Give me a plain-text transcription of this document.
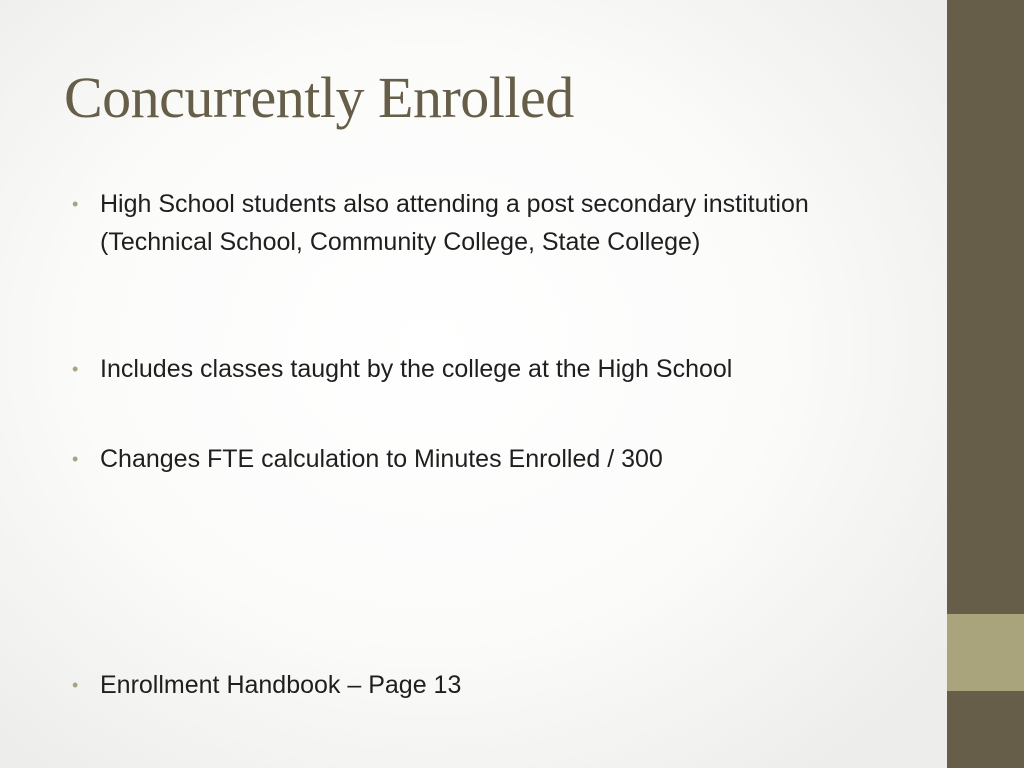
Concurrently Enrolled
• High School students also attending a post secondary institution (Technical School, Community College, State College)
• Includes classes taught by the college at the High School
• Changes FTE calculation to Minutes Enrolled / 300
• Enrollment Handbook – Page 13
